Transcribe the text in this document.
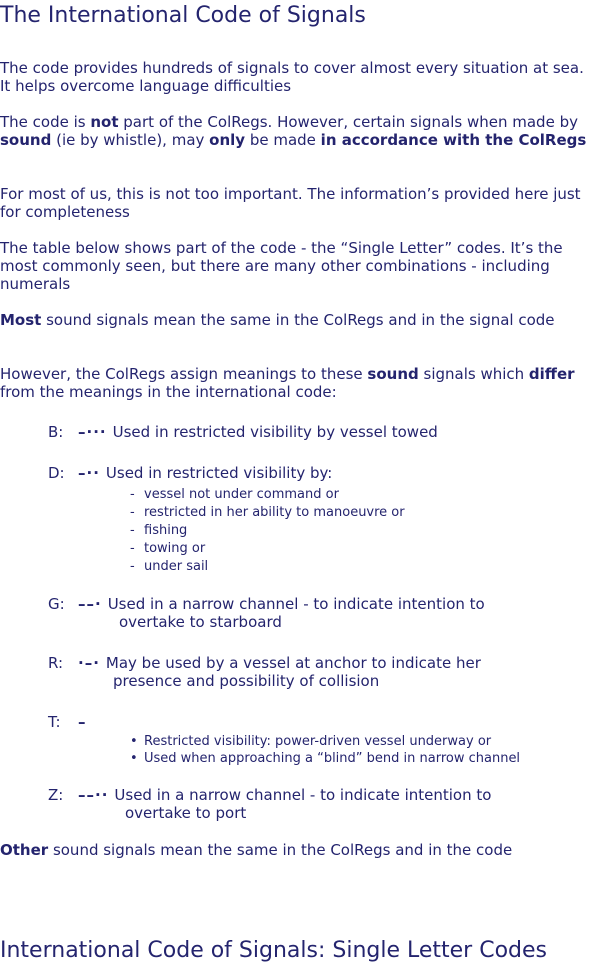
The International Code of Signals

The code provides hundreds of signals to cover almost every situation at sea. It helps overcome language difficulties

The code is not part of the ColRegs. However, certain signals when made by sound (ie by whistle), may only be made in accordance with the ColRegs

For most of us, this is not too important. The information’s provided here just for completeness

The table below shows part of the code - the “Single Letter” codes. It’s the most commonly seen, but there are many other combinations - including numerals

Most sound signals mean the same in the ColRegs and in the signal code

However, the ColRegs assign meanings to these sound signals which differ from the meanings in the international code:

B: –··· Used in restricted visibility by vessel towed
D: –·· Used in restricted visibility by:
- vessel not under command or
- restricted in her ability to manoeuvre or
- fishing
- towing or
- under sail
G: ––· Used in a narrow channel - to indicate intention to
overtake to starboard
R: ·–· May be used by a vessel at anchor to indicate her
presence and possibility of collision
T: –
• Restricted visibility: power-driven vessel underway or
• Used when approaching a “blind” bend in narrow channel
Z: ––·· Used in a narrow channel - to indicate intention to
overtake to port

Other sound signals mean the same in the ColRegs and in the code

International Code of Signals: Single Letter Codes
